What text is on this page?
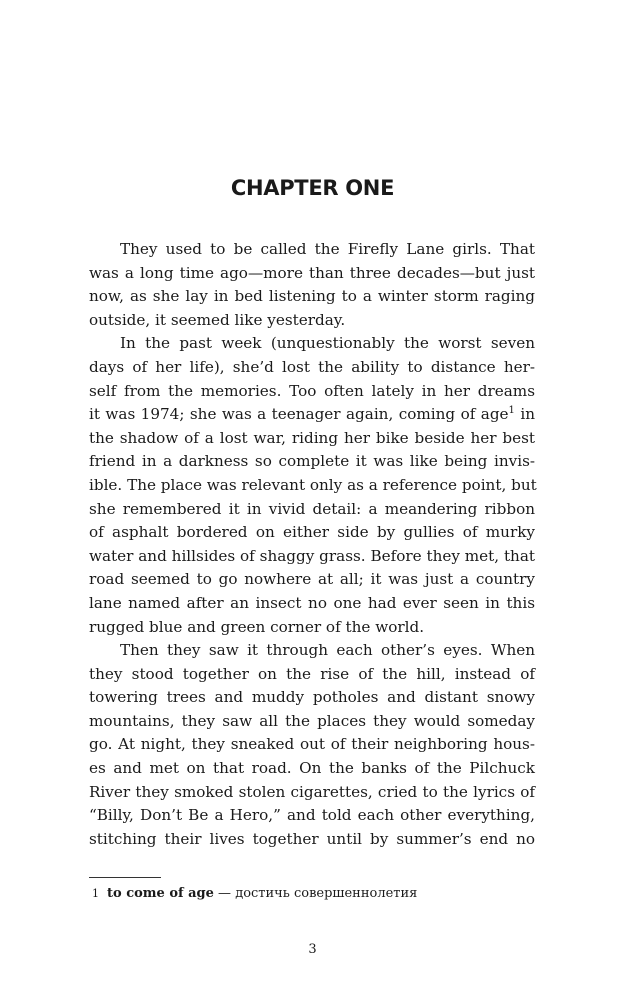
CHAPTER ONE
They used to be called the Firefly Lane girls. That
was a long time ago—more than three decades—but just
now, as she lay in bed listening to a winter storm raging
outside, it seemed like yesterday.
In the past week (unquestionably the worst seven
days of her life), she’d lost the ability to distance her-
self from the memories. Too often lately in her dreams
it was 1974; she was a teenager again, coming of age$^1$ in
the shadow of a lost war, riding her bike beside her best
friend in a darkness so complete it was like being invis-
ible. The place was relevant only as a reference point, but
she remembered it in vivid detail: a meandering ribbon
of asphalt bordered on either side by gullies of murky
water and hillsides of shaggy grass. Before they met, that
road seemed to go nowhere at all; it was just a country
lane named after an insect no one had ever seen in this
rugged blue and green corner of the world.
Then they saw it through each other’s eyes. When
they stood together on the rise of the hill, instead of
towering trees and muddy potholes and distant snowy
mountains, they saw all the places they would someday
go. At night, they sneaked out of their neighboring hous-
es and met on that road. On the banks of the Pilchuck
River they smoked stolen cigarettes, cried to the lyrics of
“Billy, Don’t Be a Hero,” and told each other everything,
stitching their lives together until by summer’s end no
1 to come of age — достичь совершеннолетия
3
